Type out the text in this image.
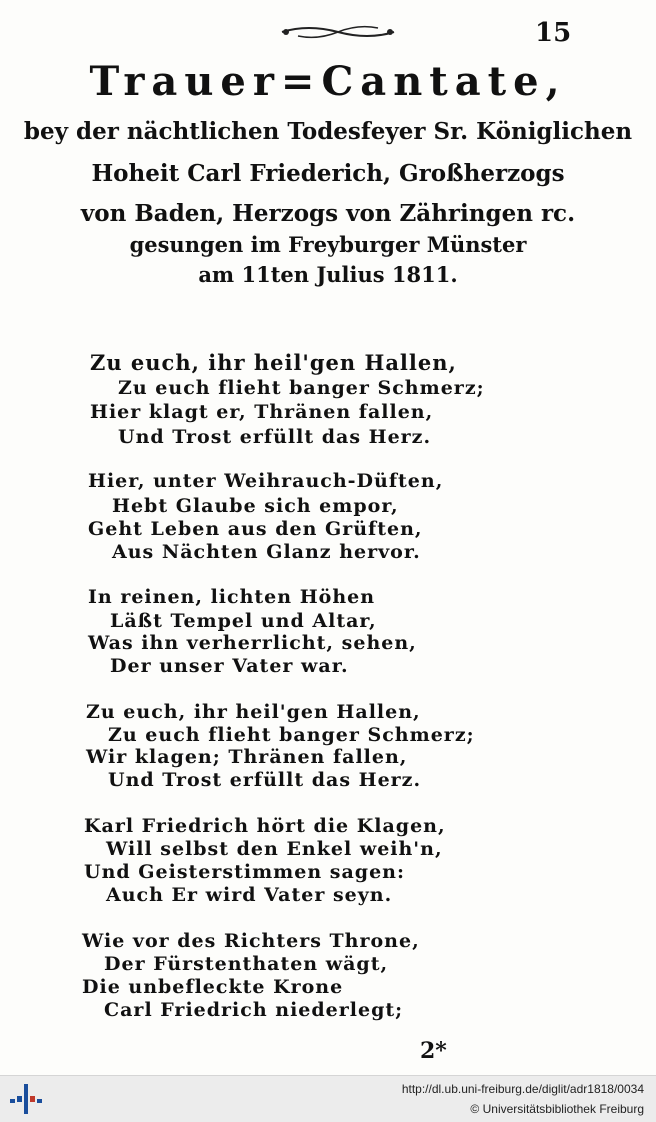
15
Trauer=Cantate,
bey der nächtlichen Todesfeyer Sr. Königlichen
Hoheit Carl Friederich, Großherzogs
von Baden, Herzogs von Zähringen rc.
gesungen im Freyburger Münster
am 11ten Julius 1811.
Zu euch, ihr heil'gen Hallen,
Zu euch flieht banger Schmerz;
Hier klagt er, Thränen fallen,
Und Trost erfüllt das Herz.
Hier, unter Weihrauch-Düften,
Hebt Glaube sich empor,
Geht Leben aus den Grüften,
Aus Nächten Glanz hervor.
In reinen, lichten Höhen
Läßt Tempel und Altar,
Was ihn verherrlicht, sehen,
Der unser Vater war.
Zu euch, ihr heil'gen Hallen,
Zu euch flieht banger Schmerz;
Wir klagen; Thränen fallen,
Und Trost erfüllt das Herz.
Karl Friedrich hört die Klagen,
Will selbst den Enkel weih'n,
Und Geisterstimmen sagen:
Auch Er wird Vater seyn.
Wie vor des Richters Throne,
Der Fürstenthaten wägt,
Die unbefleckte Krone
Carl Friedrich niederlegt;
2*
http://dl.ub.uni-freiburg.de/diglit/adr1818/0034
© Universitätsbibliothek Freiburg
